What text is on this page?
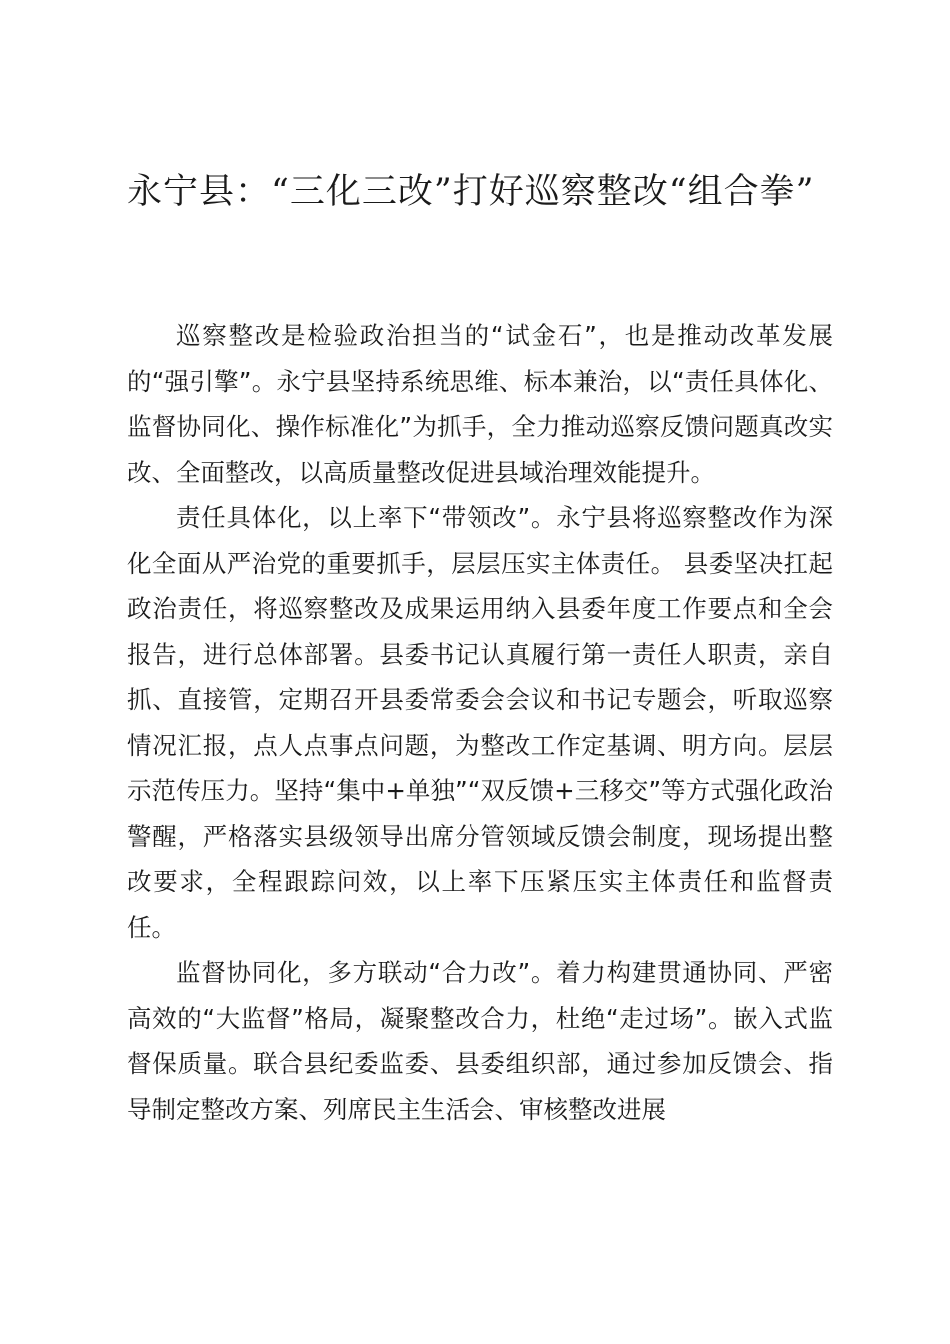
永宁县：“三化三改”打好巡察整改“组合拳”

巡察整改是检验政治担当的“试金石”，也是推动改革发展的“强引擎”。永宁县坚持系统思维、标本兼治，以“责任具体化、监督协同化、操作标准化”为抓手，全力推动巡察反馈问题真改实改、全面整改，以高质量整改促进县域治理效能提升。

责任具体化，以上率下“带领改”。永宁县将巡察整改作为深化全面从严治党的重要抓手，层层压实主体责任。 县委坚决扛起政治责任，将巡察整改及成果运用纳入县委年度工作要点和全会报告，进行总体部署。县委书记认真履行第一责任人职责，亲自抓、直接管，定期召开县委常委会会议和书记专题会，听取巡察情况汇报，点人点事点问题，为整改工作定基调、明方向。层层示范传压力。坚持“集中+单独”“双反馈+三移交”等方式强化政治警醒，严格落实县级领导出席分管领域反馈会制度，现场提出整改要求，全程跟踪问效，以上率下压紧压实主体责任和监督责任。

监督协同化，多方联动“合力改”。着力构建贯通协同、严密高效的“大监督”格局，凝聚整改合力，杜绝“走过场”。嵌入式监督保质量。联合县纪委监委、县委组织部，通过参加反馈会、指导制定整改方案、列席民主生活会、审核整改进展
